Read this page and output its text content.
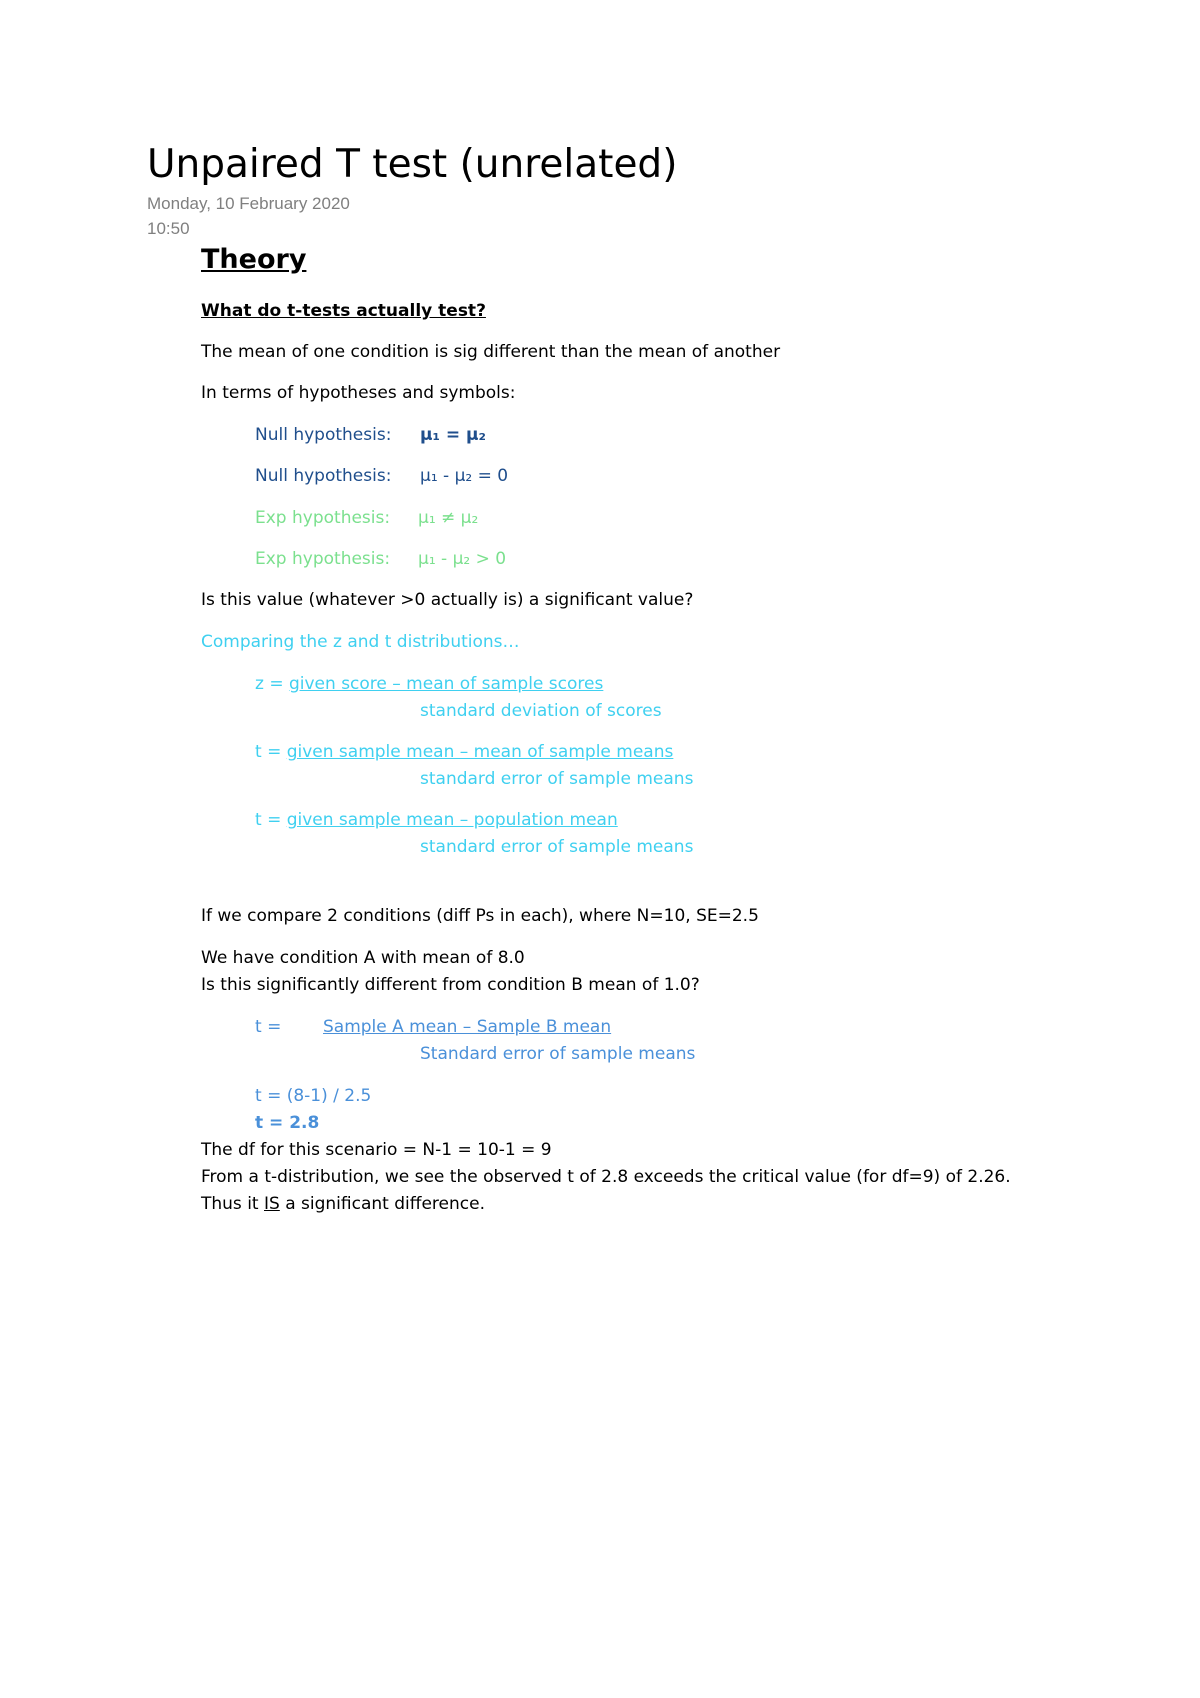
Unpaired T test (unrelated)
Monday, 10 February 2020
10:50
Theory
What do t-tests actually test?
The mean of one condition is sig different than the mean of another
In terms of hypotheses and symbols:
Null hypothesis: μ₁ = μ₂
Null hypothesis: μ₁ - μ₂ = 0
Exp hypothesis: μ₁ ≠ μ₂
Exp hypothesis: μ₁ - μ₂ > 0
Is this value (whatever >0 actually is) a significant value?
Comparing the z and t distributions…
z = given score – mean of sample scores
standard deviation of scores
t = given sample mean – mean of sample means
standard error of sample means
t = given sample mean – population mean
standard error of sample means
If we compare 2 conditions (diff Ps in each), where N=10, SE=2.5
We have condition A with mean of 8.0
Is this significantly different from condition B mean of 1.0?
t = Sample A mean – Sample B mean
Standard error of sample means
t = (8-1) / 2.5
t = 2.8
The df for this scenario = N-1 = 10-1 = 9
From a t-distribution, we see the observed t of 2.8 exceeds the critical value (for df=9) of 2.26.
Thus it IS a significant difference.
